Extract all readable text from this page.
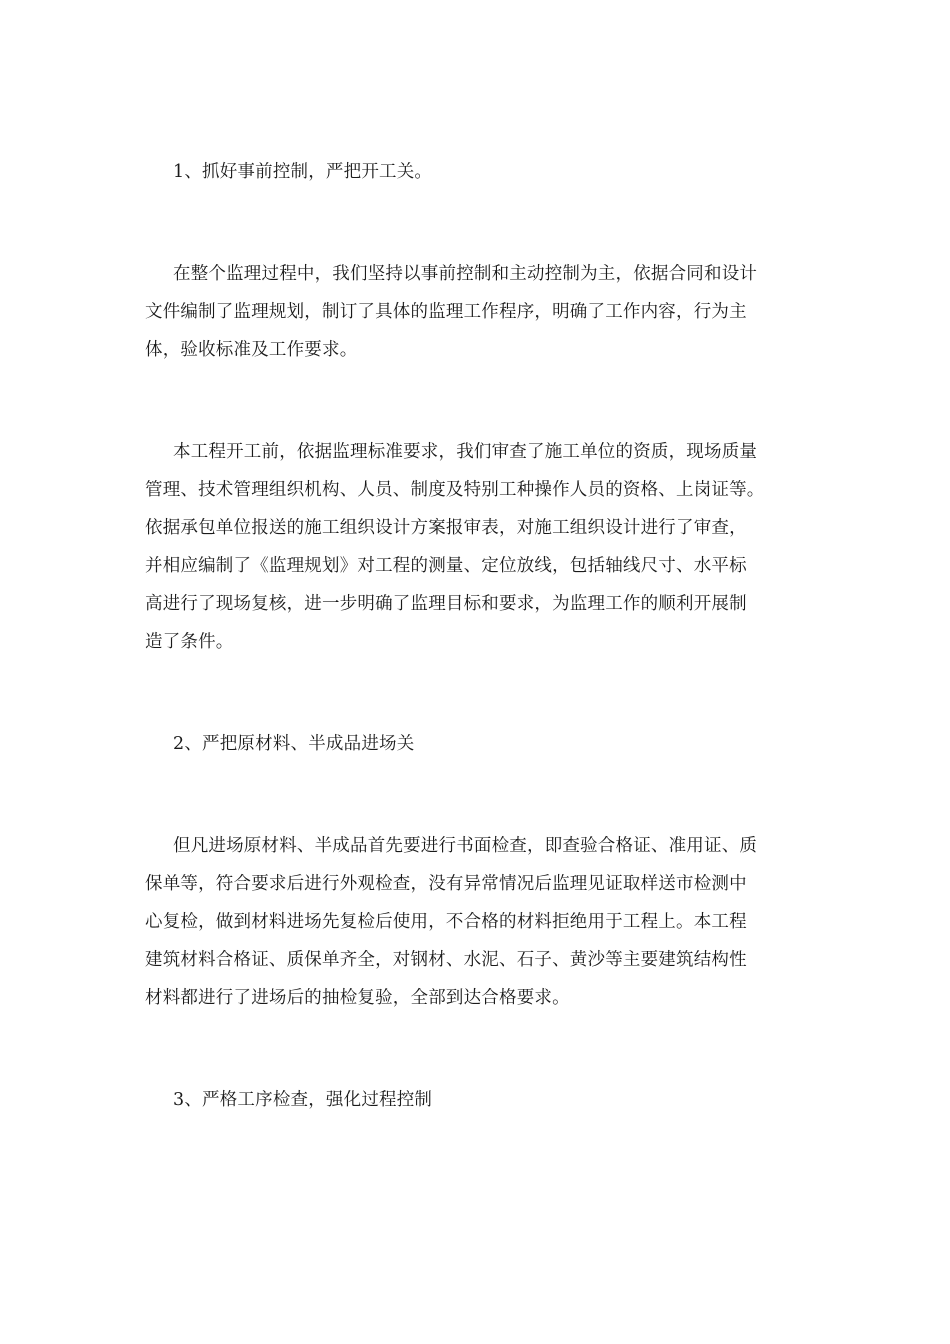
1、抓好事前控制，严把开工关。
在整个监理过程中，我们坚持以事前控制和主动控制为主，依据合同和设计
文件编制了监理规划，制订了具体的监理工作程序，明确了工作内容，行为主
体，验收标准及工作要求。
本工程开工前，依据监理标准要求，我们审查了施工单位的资质，现场质量
管理、技术管理组织机构、人员、制度及特别工种操作人员的资格、上岗证等。
依据承包单位报送的施工组织设计方案报审表，对施工组织设计进行了审查，
并相应编制了《监理规划》对工程的测量、定位放线，包括轴线尺寸、水平标
高进行了现场复核，进一步明确了监理目标和要求，为监理工作的顺利开展制
造了条件。
2、严把原材料、半成品进场关
但凡进场原材料、半成品首先要进行书面检查，即查验合格证、准用证、质
保单等，符合要求后进行外观检查，没有异常情况后监理见证取样送市检测中
心复检，做到材料进场先复检后使用，不合格的材料拒绝用于工程上。本工程
建筑材料合格证、质保单齐全，对钢材、水泥、石子、黄沙等主要建筑结构性
材料都进行了进场后的抽检复验，全部到达合格要求。
3、严格工序检查，强化过程控制
